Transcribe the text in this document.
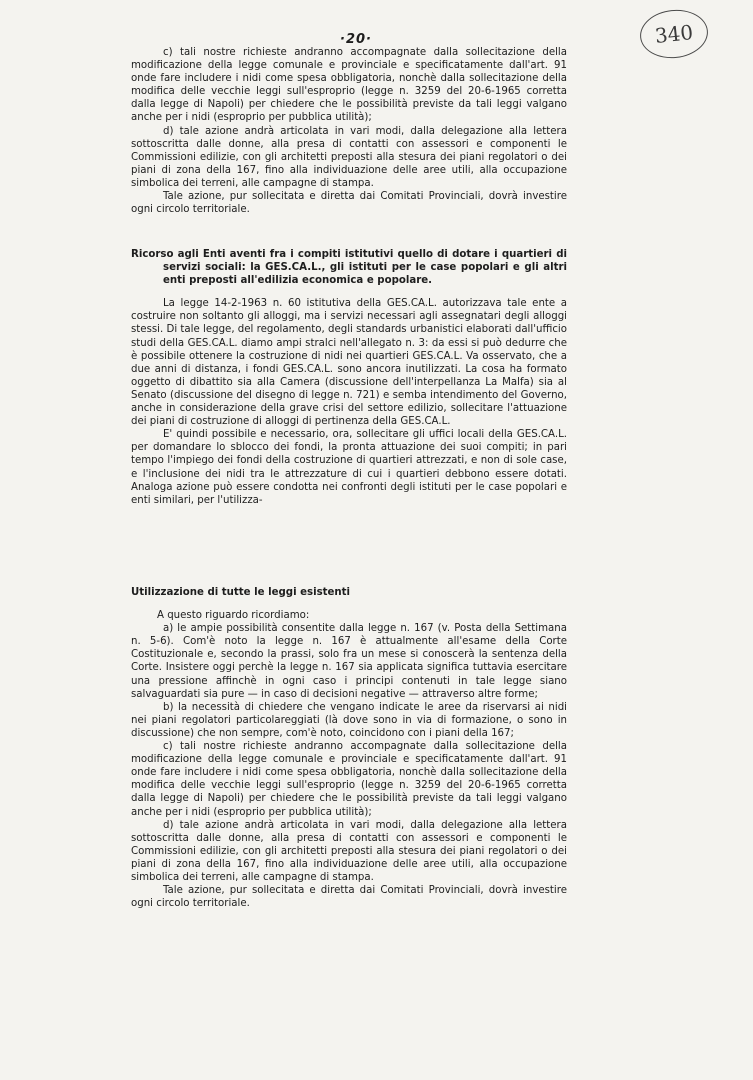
·20·	340

c) tali nostre richieste andranno accompagnate dalla sollecitazione della modificazione della legge comunale e provinciale e specificatamente dall'art. 91 onde fare includere i nidi come spesa obbligatoria, nonchè dalla sollecitazione della modifica delle vecchie leggi sull'esproprio (legge n. 3259 del 20-6-1965 corretta dalla legge di Napoli) per chiedere che le possibilità previste da tali leggi valgano anche per i nidi (esproprio per pubblica utilità);

d) tale azione andrà articolata in vari modi, dalla delegazione alla lettera sottoscritta dalle donne, alla presa di contatti con assessori e componenti le Commissioni edilizie, con gli architetti preposti alla stesura dei piani regolatori o dei piani di zona della 167, fino alla individuazione delle aree utili, alla occupazione simbolica dei terreni, alle campagne di stampa.

Tale azione, pur sollecitata e diretta dai Comitati Provinciali, dovrà investire ogni circolo territoriale.

Ricorso agli Enti aventi fra i compiti istitutivi quello di dotare i quartieri di servizi sociali: la GES.CA.L., gli istituti per le case popolari e gli altri enti preposti all'edilizia economica e popolare.

La legge 14-2-1963 n. 60 istitutiva della GES.CA.L. autorizzava tale ente a costruire non soltanto gli alloggi, ma i servizi necessari agli assegnatari degli alloggi stessi. Di tale legge, del regolamento, degli standards urbanistici elaborati dall'ufficio studi della GES.CA.L. diamo ampi stralci nell'allegato n. 3: da essi si può dedurre che è possibile ottenere la costruzione di nidi nei quartieri GES.CA.L. Va osservato, che a due anni di distanza, i fondi GES.CA.L. sono ancora inutilizzati. La cosa ha formato oggetto di dibattito sia alla Camera (discussione dell'interpellanza La Malfa) sia al Senato (discussione del disegno di legge n. 721) e semba intendimento del Governo, anche in considerazione della grave crisi del settore edilizio, sollecitare l'attuazione dei piani di costruzione di alloggi di pertinenza della GES.CA.L.

E' quindi possibile e necessario, ora, sollecitare gli uffici locali della GES.CA.L. per domandare lo sblocco dei fondi, la pronta attuazione dei suoi compiti; in pari tempo l'impiego dei fondi della costruzione di quartieri attrezzati, e non di sole case, e l'inclusione dei nidi tra le attrezzature di cui i quartieri debbono essere dotati. Analoga azione può essere condotta nei confronti degli istituti per le case popolari e enti similari, per l'utilizza-

Utilizzazione di tutte le leggi esistenti

A questo riguardo ricordiamo:

a) le ampie possibilità consentite dalla legge n. 167 (v. Posta della Settimana n. 5-6). Com'è noto la legge n. 167 è attualmente all'esame della Corte Costituzionale e, secondo la prassi, solo fra un mese si conoscerà la sentenza della Corte. Insistere oggi perchè la legge n. 167 sia applicata significa tuttavia esercitare una pressione affinchè in ogni caso i principi contenuti in tale legge siano salvaguardati sia pure — in caso di decisioni negative — attraverso altre forme;

b) la necessità di chiedere che vengano indicate le aree da riservarsi ai nidi nei piani regolatori particolareggiati (là dove sono in via di formazione, o sono in discussione) che non sempre, com'è noto, coincidono con i piani della 167;

c) tali nostre richieste andranno accompagnate dalla sollecitazione della modificazione della legge comunale e provinciale e specificatamente dall'art. 91 onde fare includere i nidi come spesa obbligatoria, nonchè dalla sollecitazione della modifica delle vecchie leggi sull'esproprio (legge n. 3259 del 20-6-1965 corretta dalla legge di Napoli) per chiedere che le possibilità previste da tali leggi valgano anche per i nidi (esproprio per pubblica utilità);

d) tale azione andrà articolata in vari modi, dalla delegazione alla lettera sottoscritta dalle donne, alla presa di contatti con assessori e componenti le Commissioni edilizie, con gli architetti preposti alla stesura dei piani regolatori o dei piani di zona della 167, fino alla individuazione delle aree utili, alla occupazione simbolica dei terreni, alle campagne di stampa.

Tale azione, pur sollecitata e diretta dai Comitati Provinciali, dovrà investire ogni circolo territoriale.
